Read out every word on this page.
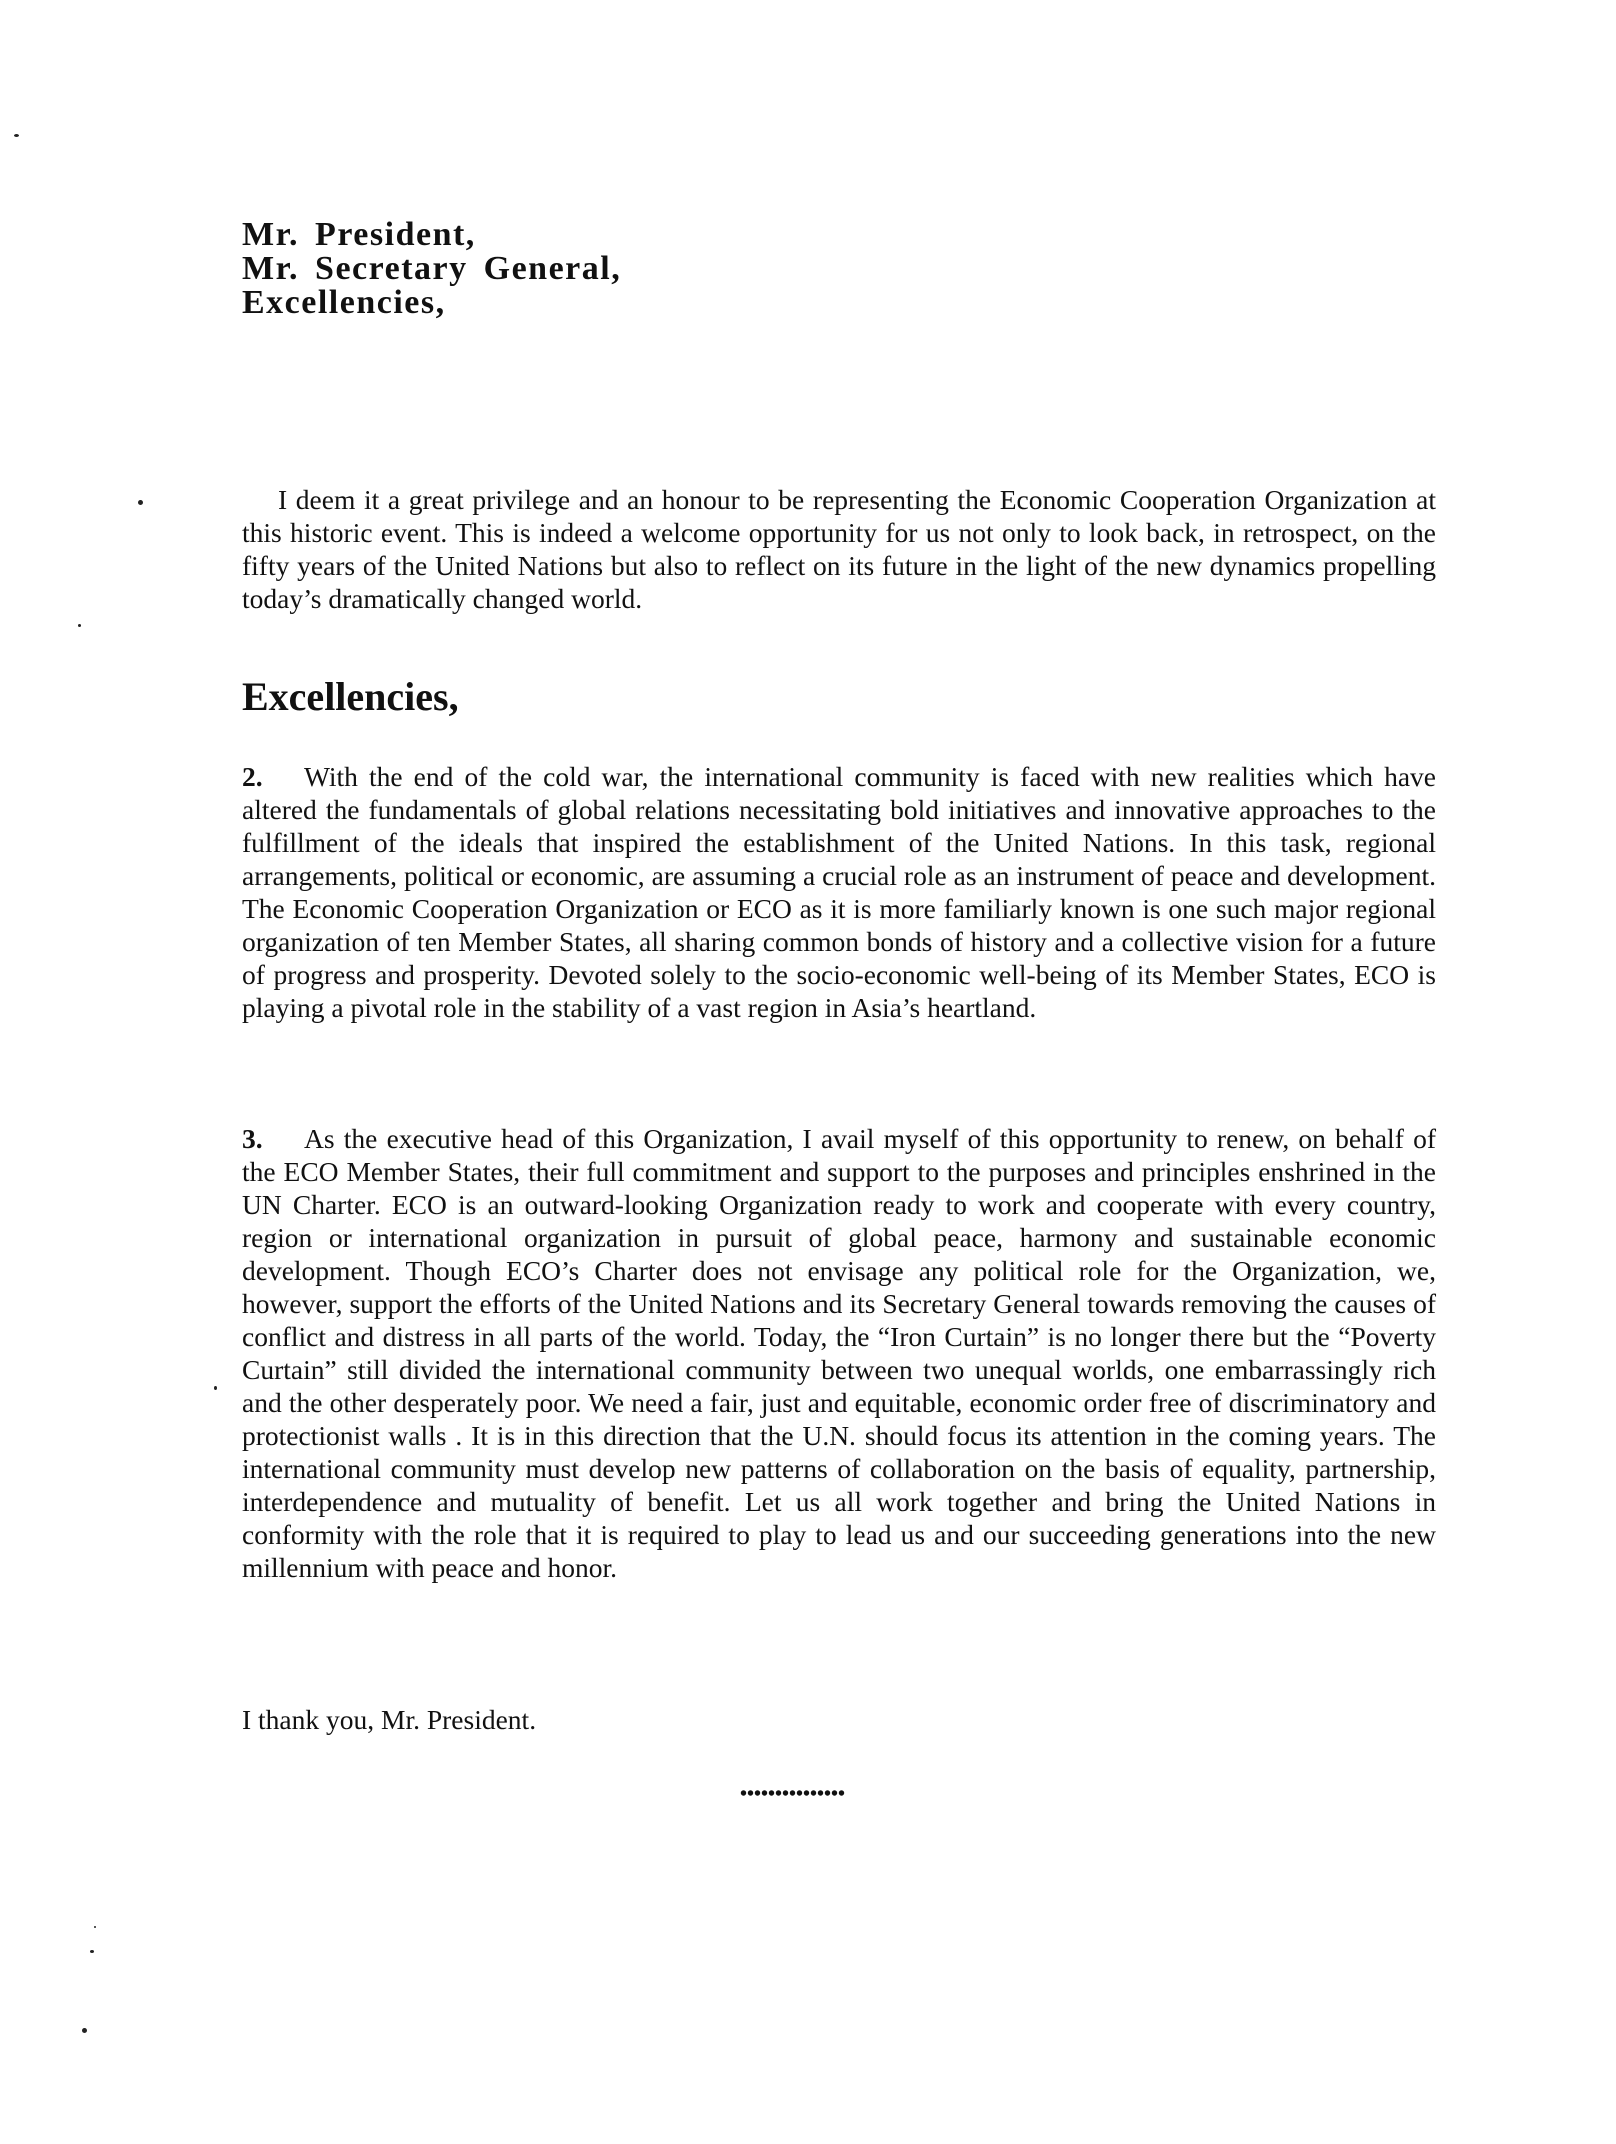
Mr. President,
Mr. Secretary General,
Excellencies,
I deem it a great privilege and an honour to be representing the Economic Cooperation Organization at this historic event. This is indeed a welcome opportunity for us not only to look back, in retrospect, on the fifty years of the United Nations but also to reflect on its future in the light of the new dynamics propelling today’s dramatically changed world.
Excellencies,
2. With the end of the cold war, the international community is faced with new realities which have altered the fundamentals of global relations necessitating bold initiatives and innovative approaches to the fulfillment of the ideals that inspired the establishment of the United Nations. In this task, regional arrangements, political or economic, are assuming a crucial role as an instrument of peace and development. The Economic Cooperation Organization or ECO as it is more familiarly known is one such major regional organization of ten Member States, all sharing common bonds of history and a collective vision for a future of progress and prosperity. Devoted solely to the socio-economic well-being of its Member States, ECO is playing a pivotal role in the stability of a vast region in Asia’s heartland.
3. As the executive head of this Organization, I avail myself of this opportunity to renew, on behalf of the ECO Member States, their full commitment and support to the purposes and principles enshrined in the UN Charter. ECO is an outward-looking Organization ready to work and cooperate with every country, region or international organization in pursuit of global peace, harmony and sustainable economic development. Though ECO’s Charter does not envisage any political role for the Organization, we, however, support the efforts of the United Nations and its Secretary General towards removing the causes of conflict and distress in all parts of the world. Today, the “Iron Curtain” is no longer there but the “Poverty Curtain” still divided the international community between two unequal worlds, one embarrassingly rich and the other desperately poor. We need a fair, just and equitable, economic order free of discriminatory and protectionist walls . It is in this direction that the U.N. should focus its attention in the coming years. The international community must develop new patterns of collaboration on the basis of equality, partnership, interdependence and mutuality of benefit. Let us all work together and bring the United Nations in conformity with the role that it is required to play to lead us and our succeeding generations into the new millennium with peace and honor.
I thank you, Mr. President.
•••••••••••••••
